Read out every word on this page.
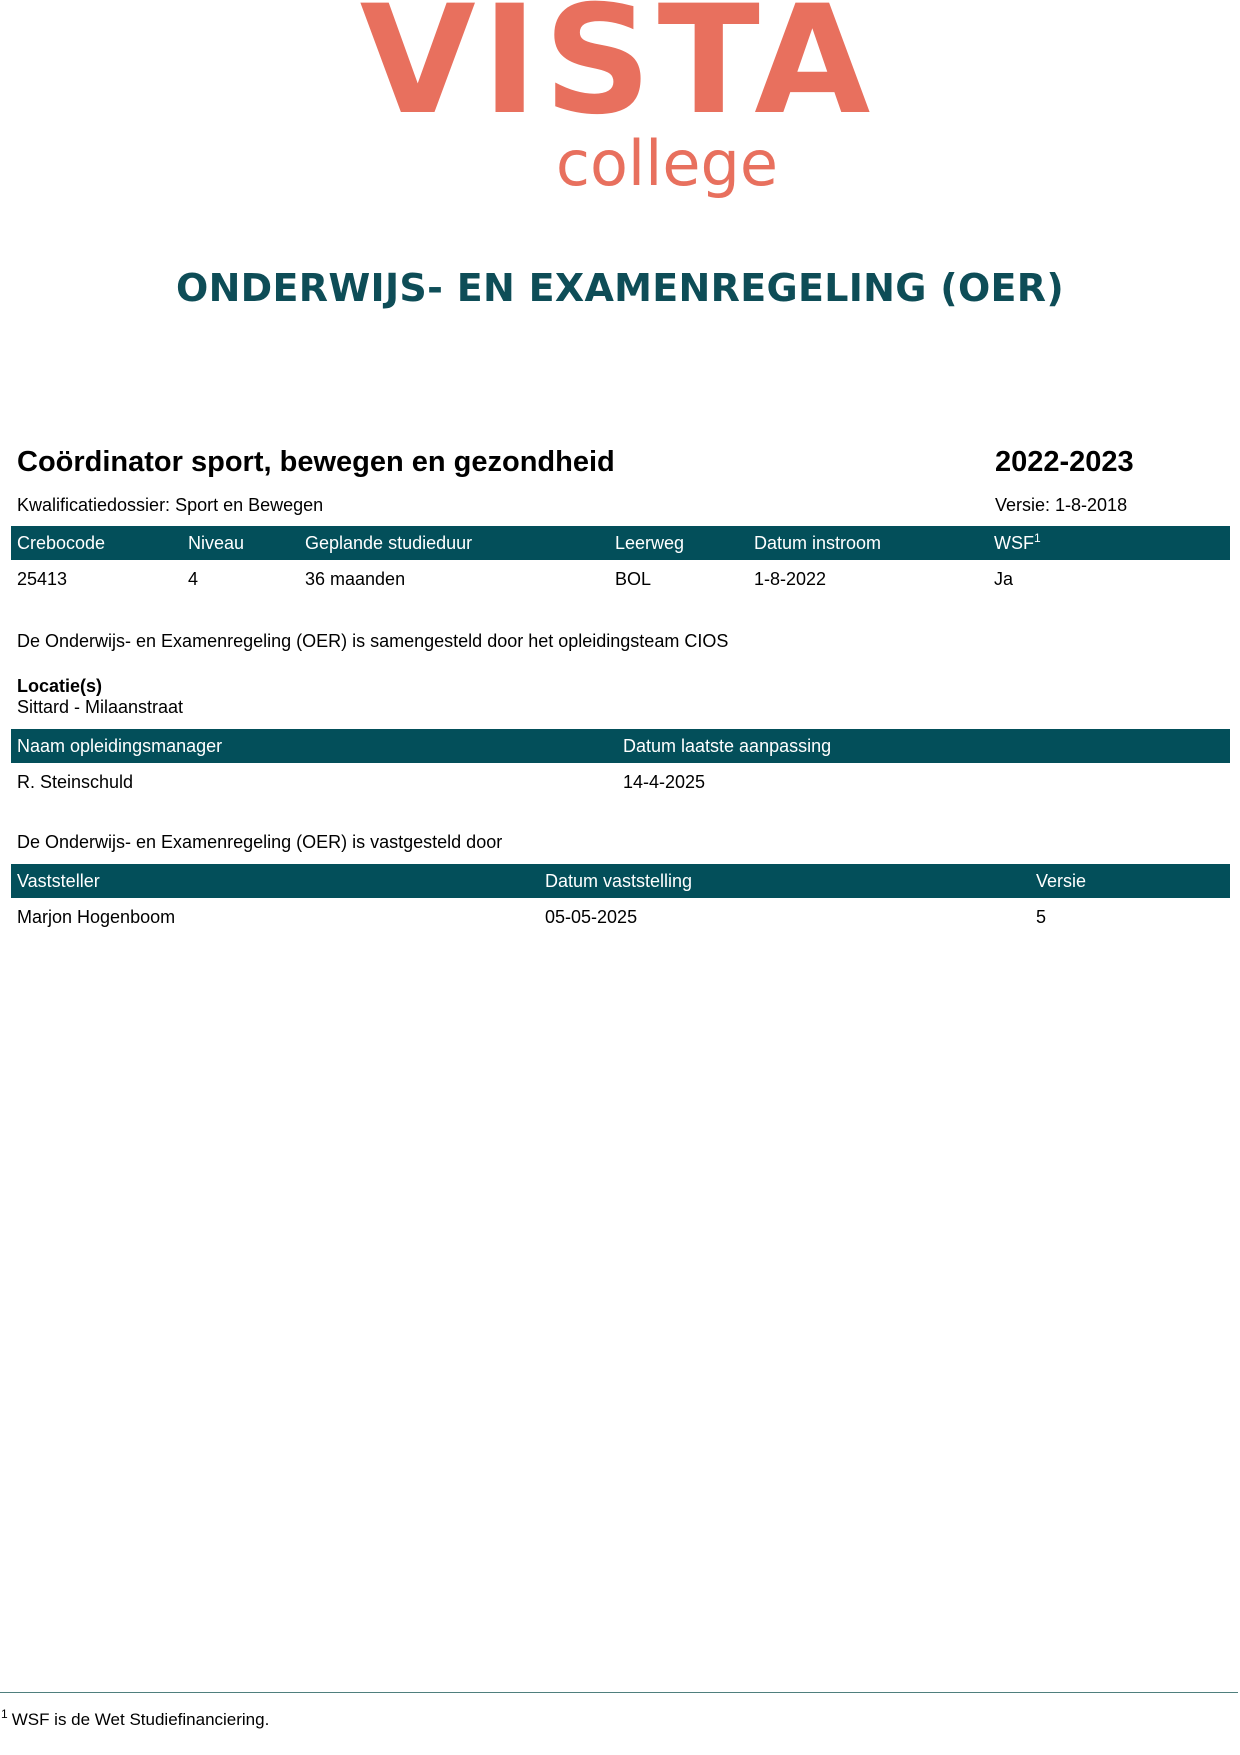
VISTA
college
ONDERWIJS- EN EXAMENREGELING (OER)
Coördinator sport, bewegen en gezondheid	2022-2023
Kwalificatiedossier: Sport en Bewegen	Versie: 1-8-2018
Crebocode	Niveau	Geplande studieduur	Leerweg	Datum instroom	WSF$^1$
25413	4	36 maanden	BOL	1-8-2022	Ja
De Onderwijs- en Examenregeling (OER) is samengesteld door het opleidingsteam CIOS
Locatie(s)
Sittard - Milaanstraat
Naam opleidingsmanager	Datum laatste aanpassing
R. Steinschuld	14-4-2025
De Onderwijs- en Examenregeling (OER) is vastgesteld door
Vaststeller	Datum vaststelling	Versie
Marjon Hogenboom	05-05-2025	5
$^1$ WSF is de Wet Studiefinanciering.
